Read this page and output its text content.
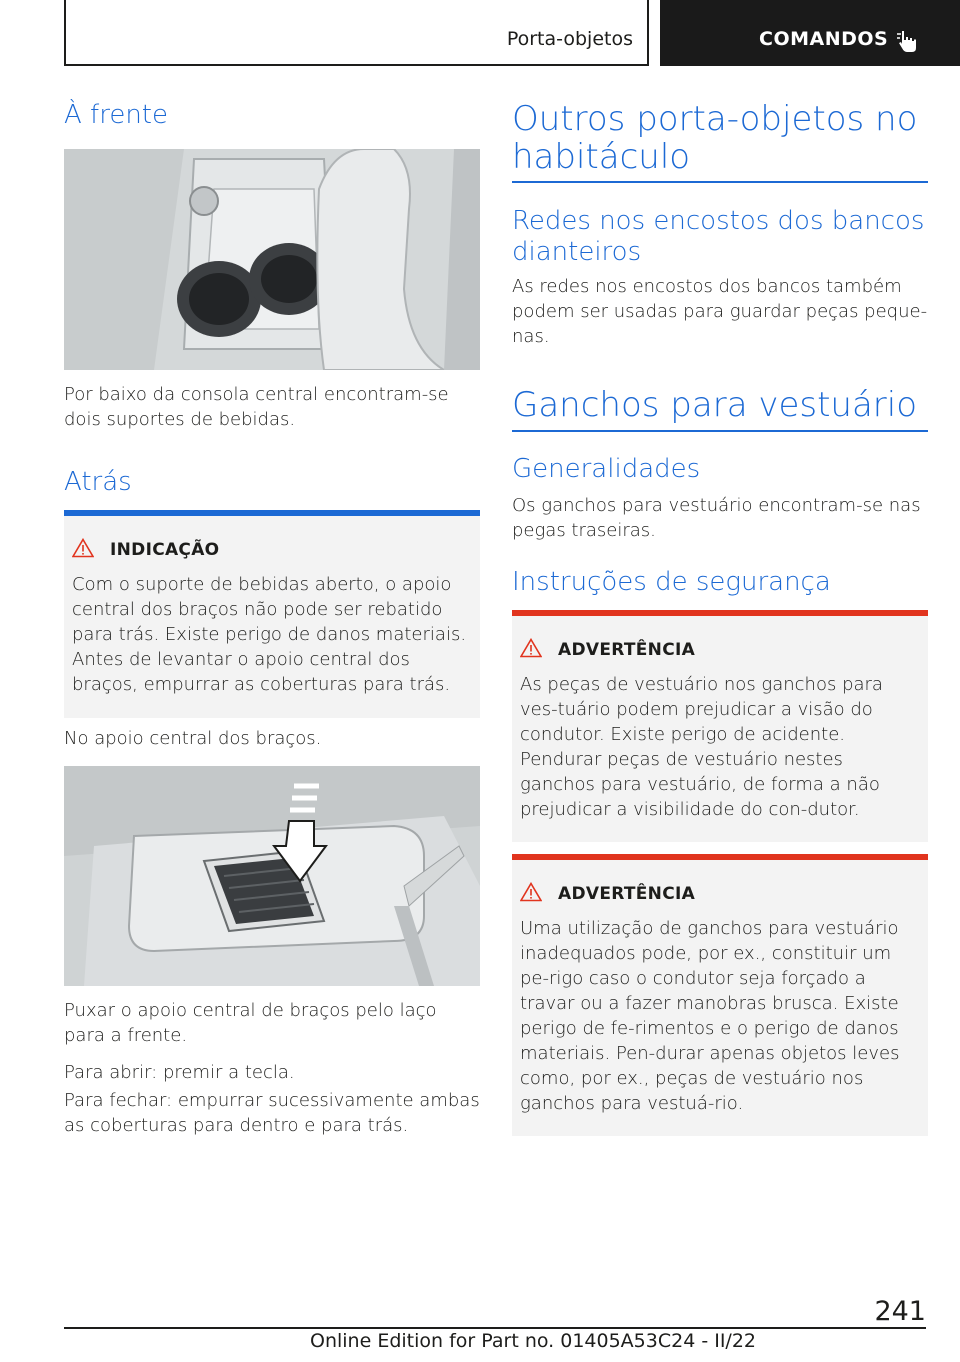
Porta-objetos	COMANDOS
À frente
Por baixo da consola central encontram-se dois suportes de bebidas.
Atrás
INDICAÇÃO
Com o suporte de bebidas aberto, o apoio central dos braços não pode ser rebatido para trás. Existe perigo de danos materiais. Antes de levantar o apoio central dos braços, empurrar as coberturas para trás.
No apoio central dos braços.
Puxar o apoio central de braços pelo laço para a frente.
Para abrir: premir a tecla.
Para fechar: empurrar sucessivamente ambas as coberturas para dentro e para trás.
Outros porta-objetos no habitáculo
Redes nos encostos dos bancos dianteiros
As redes nos encostos dos bancos também podem ser usadas para guardar peças peque-nas.
Ganchos para vestuário
Generalidades
Os ganchos para vestuário encontram-se nas pegas traseiras.
Instruções de segurança
ADVERTÊNCIA
As peças de vestuário nos ganchos para ves-tuário podem prejudicar a visão do condutor. Existe perigo de acidente. Pendurar peças de vestuário nestes ganchos para vestuário, de forma a não prejudicar a visibilidade do con-dutor.
ADVERTÊNCIA
Uma utilização de ganchos para vestuário inadequados pode, por ex., constituir um pe-rigo caso o condutor seja forçado a travar ou a fazer manobras brusca. Existe perigo de fe-rimentos e o perigo de danos materiais. Pen-durar apenas objetos leves como, por ex., peças de vestuário nos ganchos para vestuá-rio.
241
Online Edition for Part no. 01405A53C24 - II/22
